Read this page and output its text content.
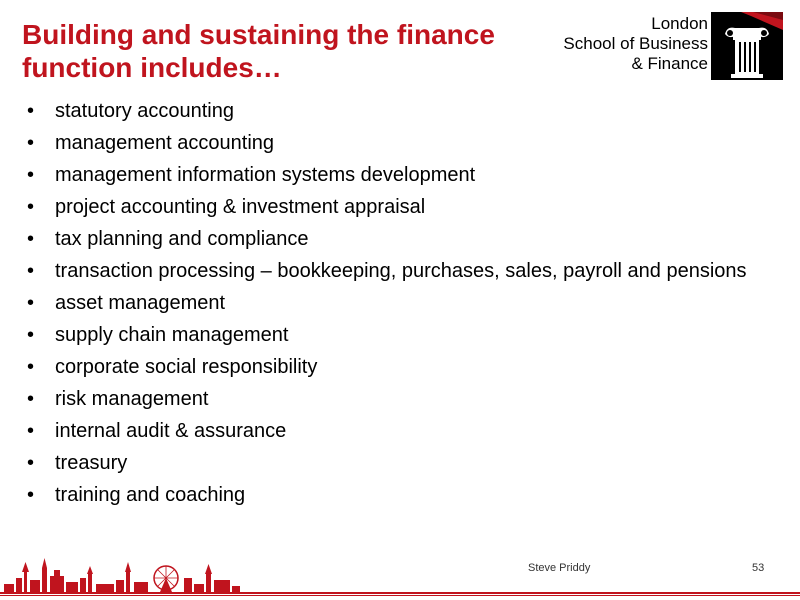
Building and sustaining the finance
function includes…
London
School of Business
& Finance
• statutory accounting
• management accounting
• management information systems development
• project accounting & investment appraisal
• tax planning and compliance
• transaction processing – bookkeeping, purchases, sales, payroll and pensions
• asset management
• supply chain management
• corporate social responsibility
• risk management
• internal audit & assurance
• treasury
• training and coaching
Steve Priddy	53
